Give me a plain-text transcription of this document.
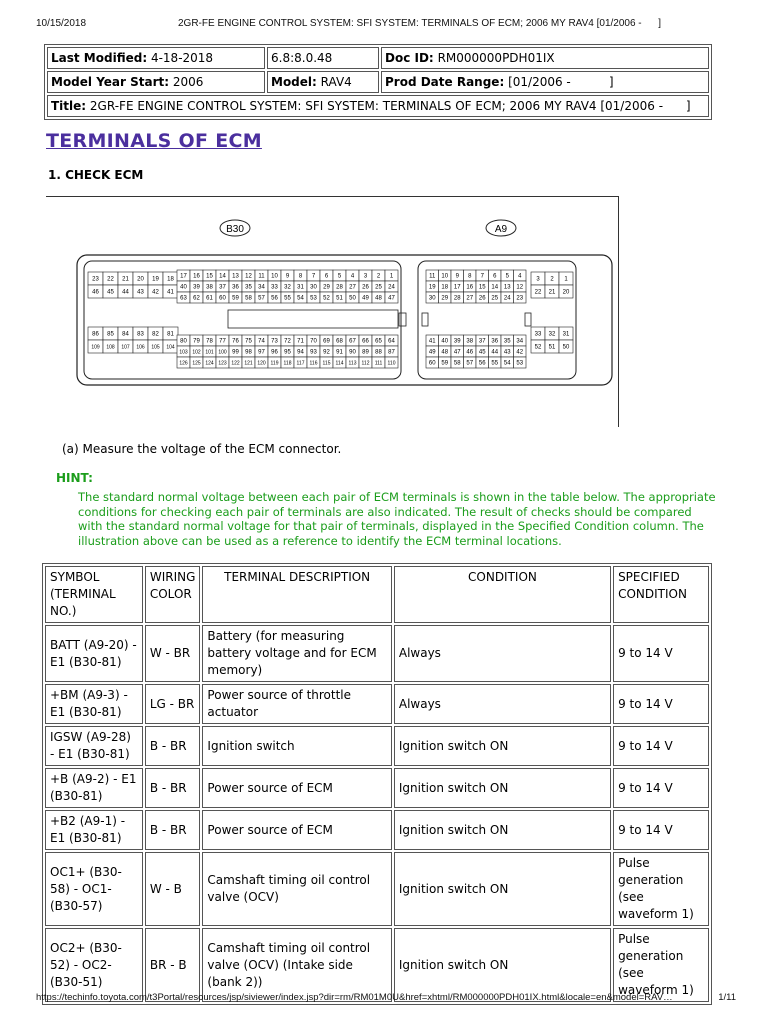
10/15/2018	2GR-FE ENGINE CONTROL SYSTEM: SFI SYSTEM: TERMINALS OF ECM; 2006 MY RAV4 [01/2006 -      ]
Last Modified: 4-18-2018	6.8:8.0.48	Doc ID: RM000000PDH01IX
Model Year Start: 2006	Model: RAV4	Prod Date Range: [01/2006 -          ]
Title: 2GR-FE ENGINE CONTROL SYSTEM: SFI SYSTEM: TERMINALS OF ECM; 2006 MY RAV4 [01/2006 -      ]		
TERMINALS OF ECM
1. CHECK ECM
B30	A9
23 22 21 20 19 18
46 45 44 43 42 41
86 85 84 83 82 81
109 108 107 106 105 104
17 16 15 14 13 12 11 10 9 8 7 6 5 4 3 2 1
40 39 38 37 36 35 34 33 32 31 30 29 28 27 26 25 24
63 62 61 60 59 58 57 56 55 54 53 52 51 50 49 48 47
80 79 78 77 76 75 74 73 72 71 70 69 68 67 66 65 64
103 102 101 100 99 98 97 96 95 94 93 92 91 90 89 88 87
126 125 124 123 122 121 120 119 118 117 116 115 114 113 112 111 110
11 10 9 8 7 6 5 4
19 18 17 16 15 14 13 12
30 29 28 27 26 25 24 23
41 40 39 38 37 36 35 34
49 48 47 46 45 44 43 42
60 59 58 57 56 55 54 53
3 2 1
22 21 20
33 32 31
52 51 50
(a) Measure the voltage of the ECM connector.
HINT:
The standard normal voltage between each pair of ECM terminals is shown in the table below. The appropriate conditions for checking each pair of terminals are also indicated. The result of checks should be compared with the standard normal voltage for that pair of terminals, displayed in the Specified Condition column. The illustration above can be used as a reference to identify the ECM terminal locations.
SYMBOL (TERMINAL NO.)	WIRING COLOR	TERMINAL DESCRIPTION	CONDITION	SPECIFIED CONDITION
BATT (A9-20) - E1 (B30-81)	W - BR	Battery (for measuring battery voltage and for ECM memory)	Always	9 to 14 V
+BM (A9-3) - E1 (B30-81)	LG - BR	Power source of throttle actuator	Always	9 to 14 V
IGSW (A9-28) - E1 (B30-81)	B - BR	Ignition switch	Ignition switch ON	9 to 14 V
+B (A9-2) - E1 (B30-81)	B - BR	Power source of ECM	Ignition switch ON	9 to 14 V
+B2 (A9-1) - E1 (B30-81)	B - BR	Power source of ECM	Ignition switch ON	9 to 14 V
OC1+ (B30-58) - OC1- (B30-57)	W - B	Camshaft timing oil control valve (OCV)	Ignition switch ON	Pulse generation (see waveform 1)
OC2+ (B30-52) - OC2- (B30-51)	BR - B	Camshaft timing oil control valve (OCV) (Intake side (bank 2))	Ignition switch ON	Pulse generation (see waveform 1)
https://techinfo.toyota.com/t3Portal/resources/jsp/siviewer/index.jsp?dir=rm/RM01M0U&href=xhtml/RM000000PDH01IX.html&locale=en&model=RAV…	1/11
